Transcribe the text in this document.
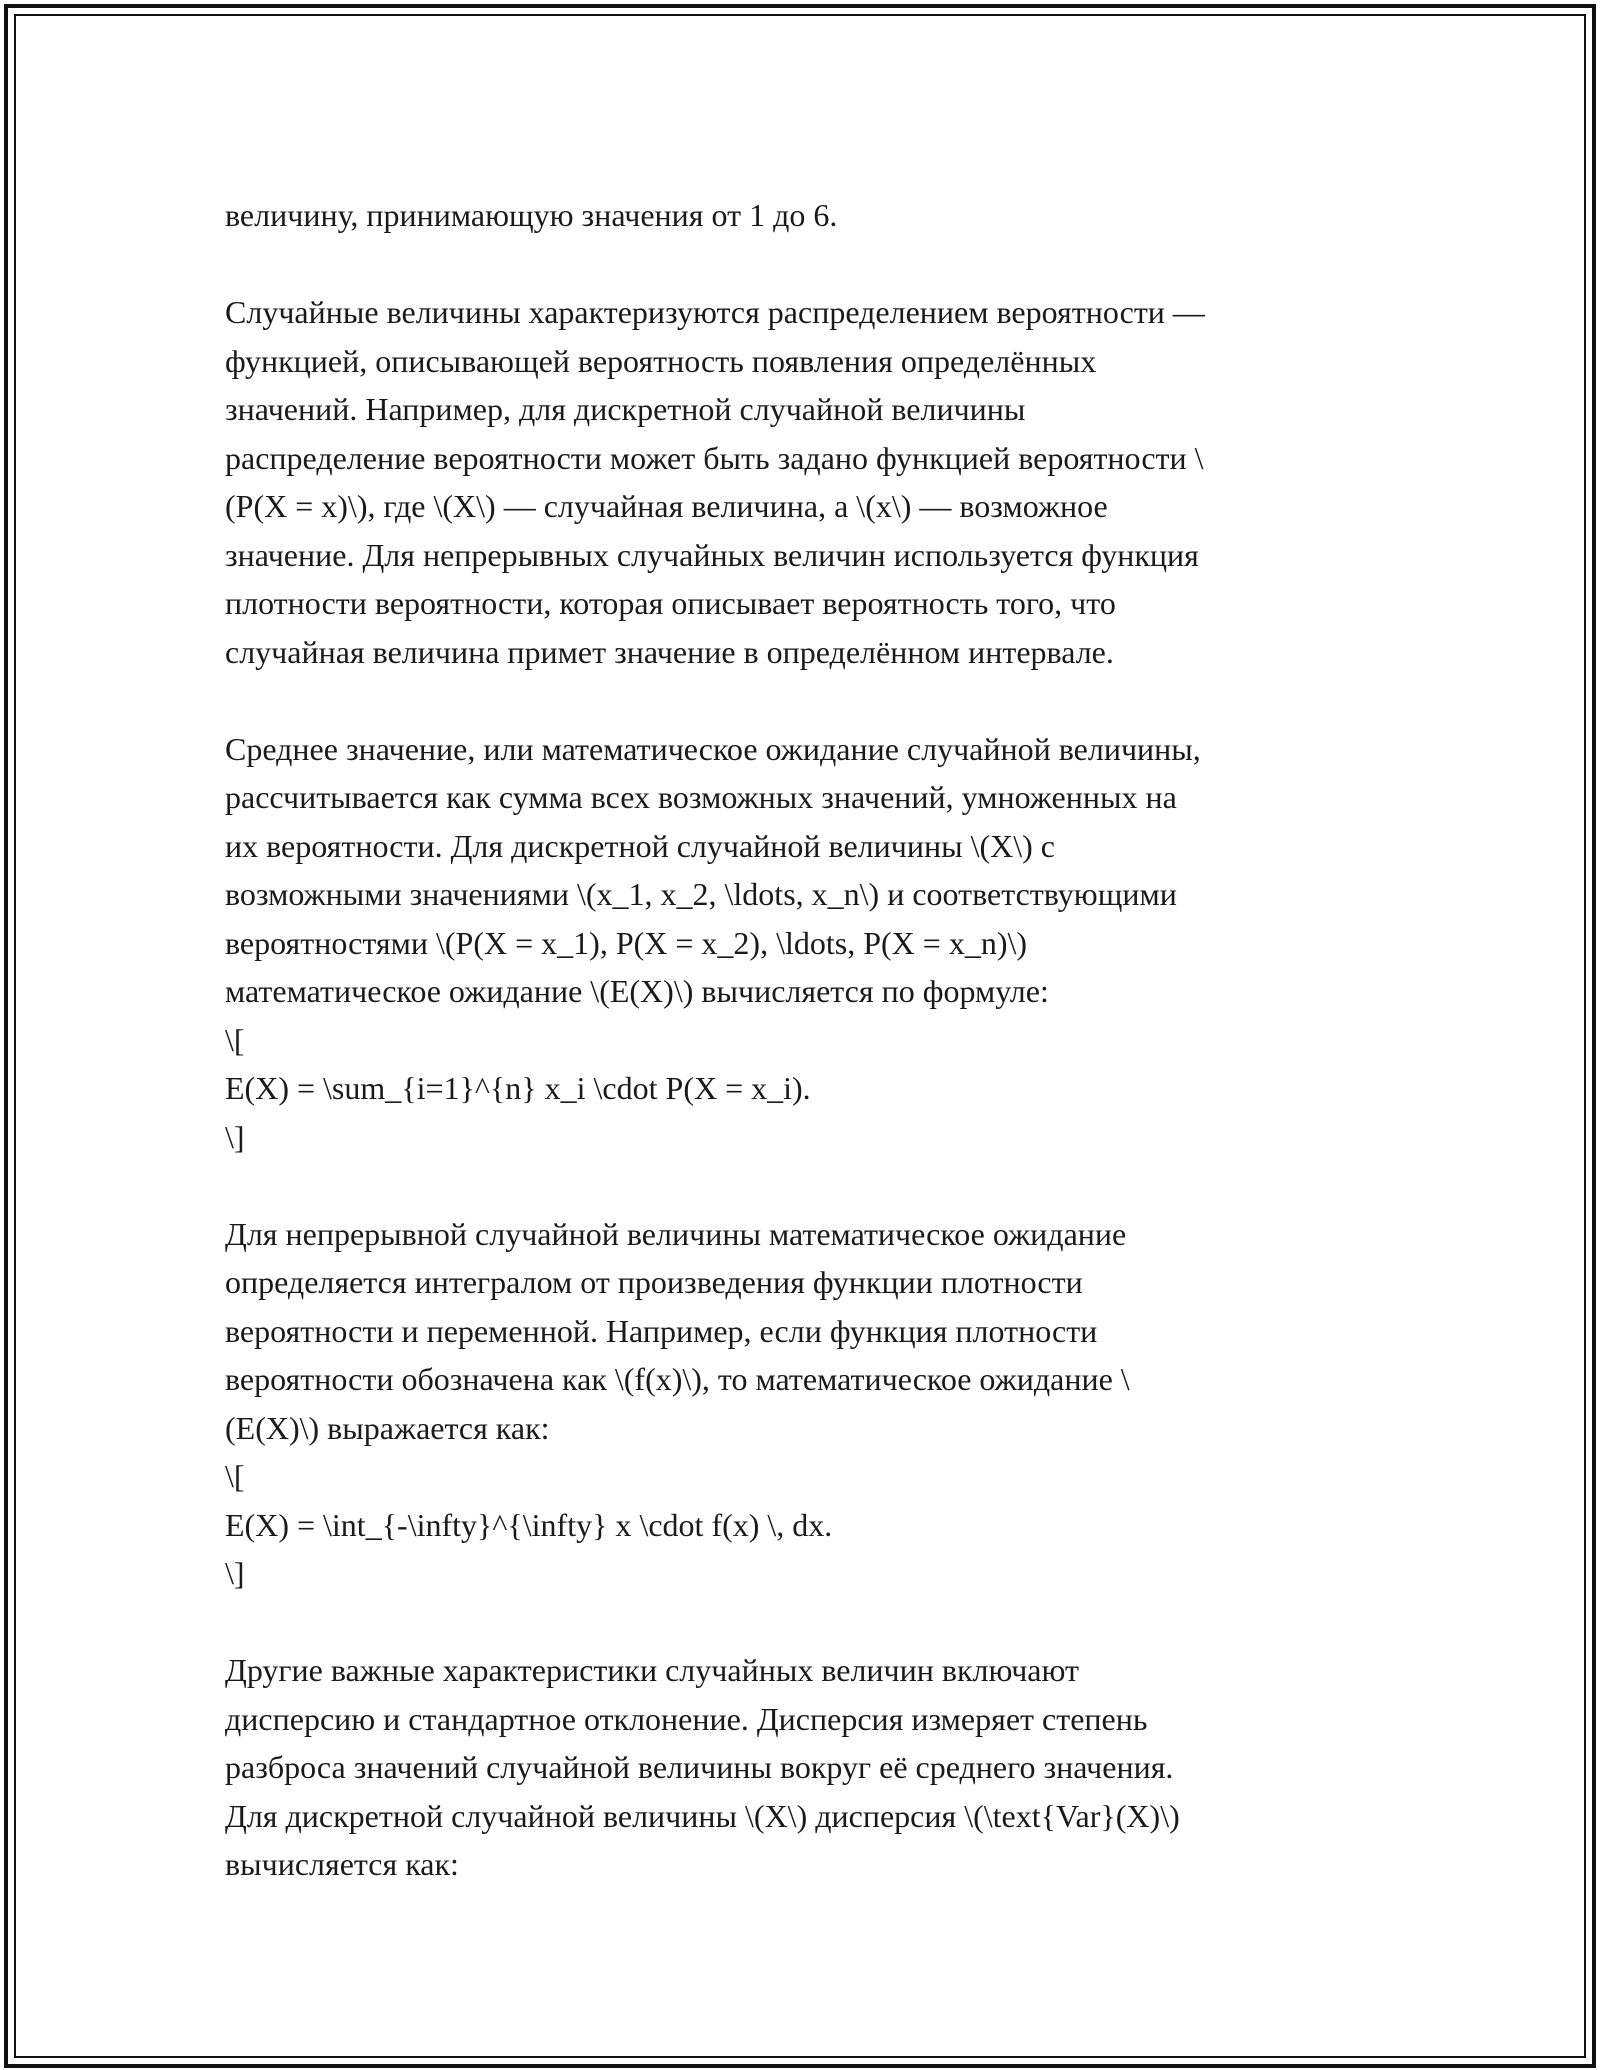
величину, принимающую значения от 1 до 6.
Случайные величины характеризуются распределением вероятности —
функцией, описывающей вероятность появления определённых
значений. Например, для дискретной случайной величины
распределение вероятности может быть задано функцией вероятности \
(P(X = x)\), где \(X\) — случайная величина, а \(x\) — возможное
значение. Для непрерывных случайных величин используется функция
плотности вероятности, которая описывает вероятность того, что
случайная величина примет значение в определённом интервале.
Среднее значение, или математическое ожидание случайной величины,
рассчитывается как сумма всех возможных значений, умноженных на
их вероятности. Для дискретной случайной величины \(X\) с
возможными значениями \(x_1, x_2, \ldots, x_n\) и соответствующими
вероятностями \(P(X = x_1), P(X = x_2), \ldots, P(X = x_n)\)
математическое ожидание \(E(X)\) вычисляется по формуле:
\[
E(X) = \sum_{i=1}^{n} x_i \cdot P(X = x_i).
\]
Для непрерывной случайной величины математическое ожидание
определяется интегралом от произведения функции плотности
вероятности и переменной. Например, если функция плотности
вероятности обозначена как \(f(x)\), то математическое ожидание \
(E(X)\) выражается как:
\[
E(X) = \int_{-\infty}^{\infty} x \cdot f(x) \, dx.
\]
Другие важные характеристики случайных величин включают
дисперсию и стандартное отклонение. Дисперсия измеряет степень
разброса значений случайной величины вокруг её среднего значения.
Для дискретной случайной величины \(X\) дисперсия \(\text{Var}(X)\)
вычисляется как:
